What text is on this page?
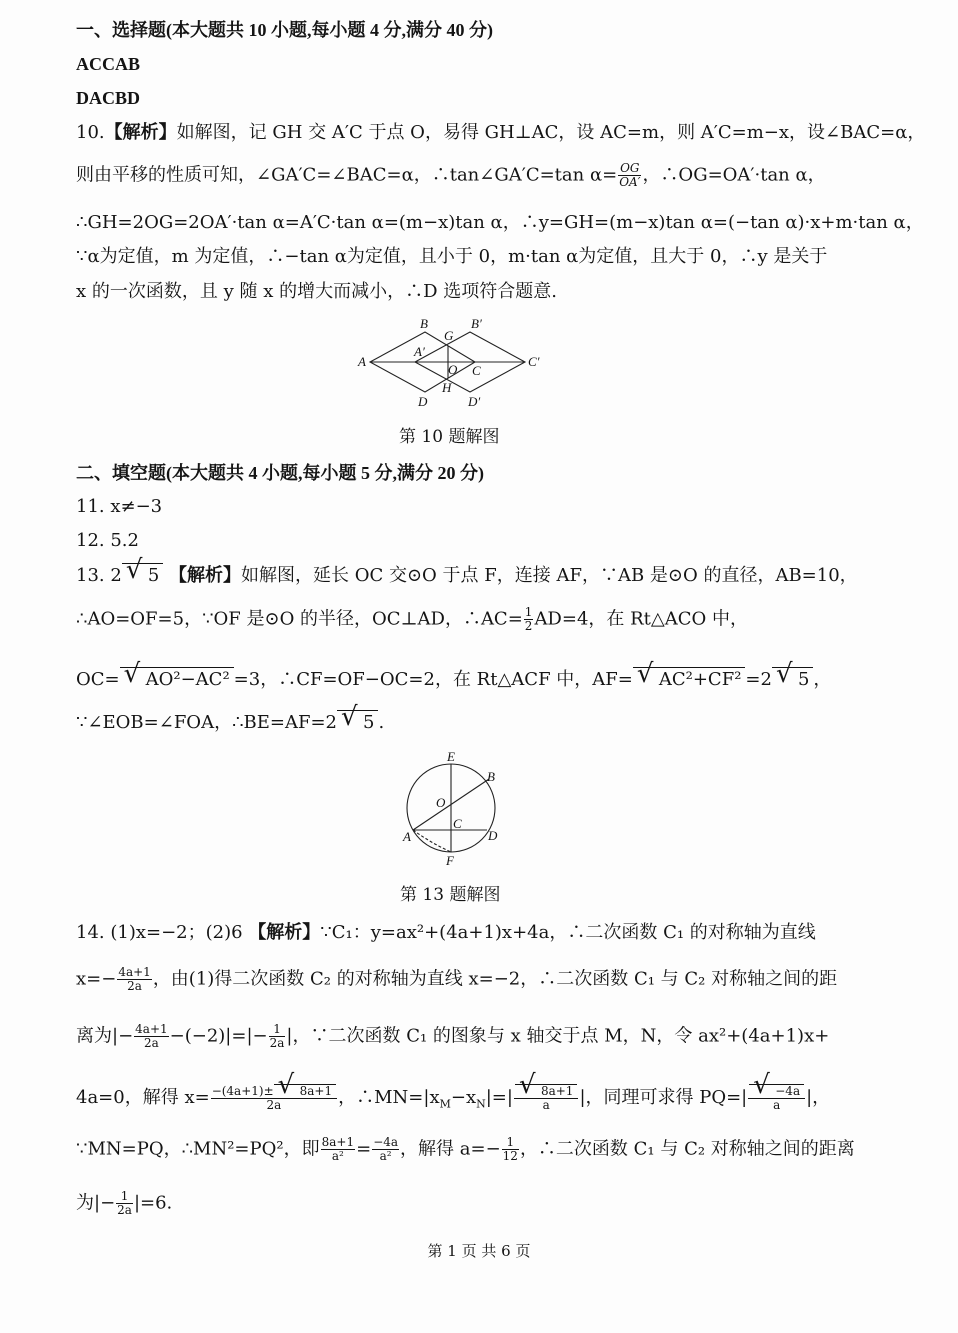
一、选择题(本大题共 10 小题,每小题 4 分,满分 40 分)
ACCAB
DACBD
10.【解析】如解图，记 GH 交 A′C 于点 O，易得 GH⊥AC，设 AC=m，则 A′C=m−x，设∠BAC=α，
则由平移的性质可知，∠GA′C=∠BAC=α，∴tan∠GA′C=tan $\alpha= \frac{OG}{OA'}$ ，∴OG=OA′·tan α，
∴GH=2OG=2OA′·tan α=A′C·tan α=(m−x)tan α，∴y=GH=(m−x)tan α=(−tan α)·x+m·tan α，
∵α为定值，m 为定值，∴−tan α为定值，且小于 0，m·tan α为定值，且大于 0，∴y 是关于
x 的一次函数，且 y 随 x 的增大而减小，∴D 选项符合题意.
B
G
B′
A
A′
O C
C′
H
D	D′
第 10 题解图
二、填空题(本大题共 4 小题,每小题 5 分,满分 20 分)
11. x≠−3
12. 5.2
13. 2 √ 5 【解析】如解图，延长 OC 交⊙O 于点 F，连接 AF，∵AB 是⊙O 的直径，AB=10，
∴AO=OF=5，∵OF 是⊙O 的半径，OC⊥AD，∴AC= $\frac{1}{2} AD=4$，在 Rt△ACO 中，
OC= √ AO²−AC² =3，∴CF=OF−OC=2，在 Rt△ACF 中，AF= √ AC²+CF² =2 √ 5 ，
∵∠EOB=∠FOA，∴BE=AF=2 √ 5 .
E
B
O
C
A	D
F
第 13 题解图
14. (1)x=−2；(2)6 【解析】∵C₁：y=ax²+(4a+1)x+4a，∴二次函数 C₁ 的对称轴为直线
$x=- \frac{4a+1}{2a}$ ，由(1)得二次函数 C₂ 的对称轴为直线 x=−2，∴二次函数 C₁ 与 C₂ 对称轴之间的距
离为|− $\frac{4a+1}{2a} -(-2)|=|- \frac{1}{2a}$ |，∵二次函数 C₁ 的图象与 x 轴交于点 M，N，令 ax²+(4a+1)x+
4a=0，解得 $x= \frac{-(4a+1)\pm √ 8a+1}{2a}$ ，$\therefore MN=|x_M-x_N|=|$ √ $\frac{8a+1}{a}$ |，同理可求得 PQ=| √ $\frac{-4a}{a}$ |，
∵MN=PQ，∴MN²=PQ²，即 $\frac{8a+1}{\text{a²}} = \frac{-4a}{\text{a²}}$ ，解得 $a=- \frac{1}{12}$ ，∴二次函数 C₁ 与 C₂ 对称轴之间的距离
为|− $\frac{1}{2a} |=6$.
第 1 页 共 6 页
